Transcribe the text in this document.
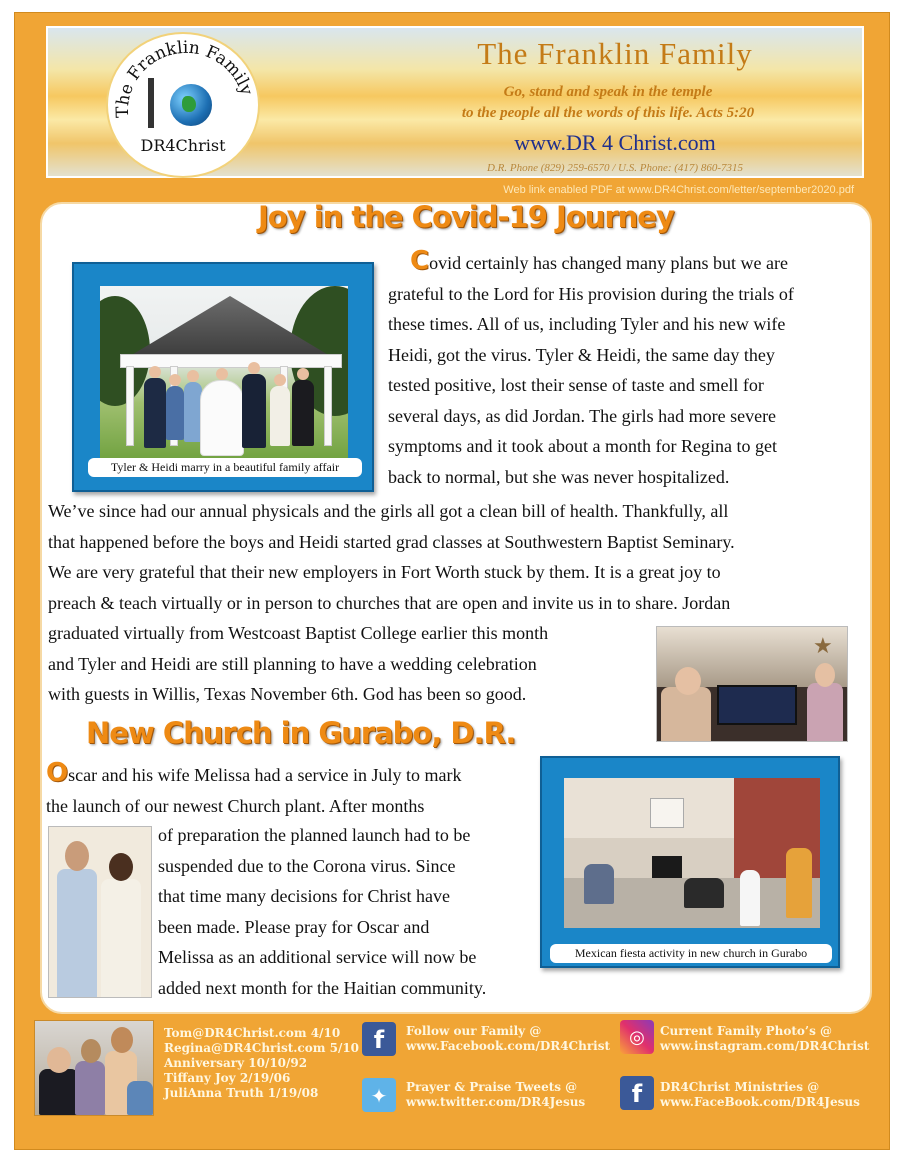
The Franklin Family
DR4Christ
The Franklin Family
Go, stand and speak in the temple
to the people all the words of this life. Acts 5:20
www.DR 4 Christ.com
D.R. Phone (829) 259-6570 / U.S. Phone: (417) 860-7315
Web link enabled PDF at www.DR4Christ.com/letter/september2020.pdf
Joy in the Covid-19 Journey
Tyler & Heidi marry in a beautiful family affair
Covid certainly has changed many plans but we are
grateful to the Lord for His provision during the trials of
these times. All of us, including Tyler and his new wife
Heidi, got the virus. Tyler & Heidi, the same day they
tested positive, lost their sense of taste and smell for
several days, as did Jordan. The girls had more severe
symptoms and it took about a month for Regina to get
back to normal, but she was never hospitalized.
We’ve since had our annual physicals and the girls all got a clean bill of health. Thankfully, all
that happened before the boys and Heidi started grad classes at Southwestern Baptist Seminary.
We are very grateful that their new employers in Fort Worth stuck by them. It is a great joy to
preach & teach virtually or in person to churches that are open and invite us in to share. Jordan
graduated virtually from Westcoast Baptist College earlier this month
and Tyler and Heidi are still planning to have a wedding celebration
with guests in Willis, Texas November 6th. God has been so good.
★
New Church in Gurabo, D.R.
Oscar and his wife Melissa had a service in July to mark
the launch of our newest Church plant. After months
of preparation the planned launch had to be
suspended due to the Corona virus. Since
that time many decisions for Christ have
been made. Please pray for Oscar and
Melissa as an additional service will now be
added next month for the Haitian community.
Mexican fiesta activity in new church in Gurabo
Tom@DR4Christ.com 4/10
Regina@DR4Christ.com 5/10
Anniversary 10/10/92
Tiffany Joy 2/19/06
JuliAnna Truth 1/19/08
f	Follow our Family @
www.Facebook.com/DR4Christ	◎	Current Family Photo’s @
www.instagram.com/DR4Christ
✦	Prayer & Praise Tweets @
www.twitter.com/DR4Jesus	f	DR4Christ Ministries @
www.FaceBook.com/DR4Jesus
